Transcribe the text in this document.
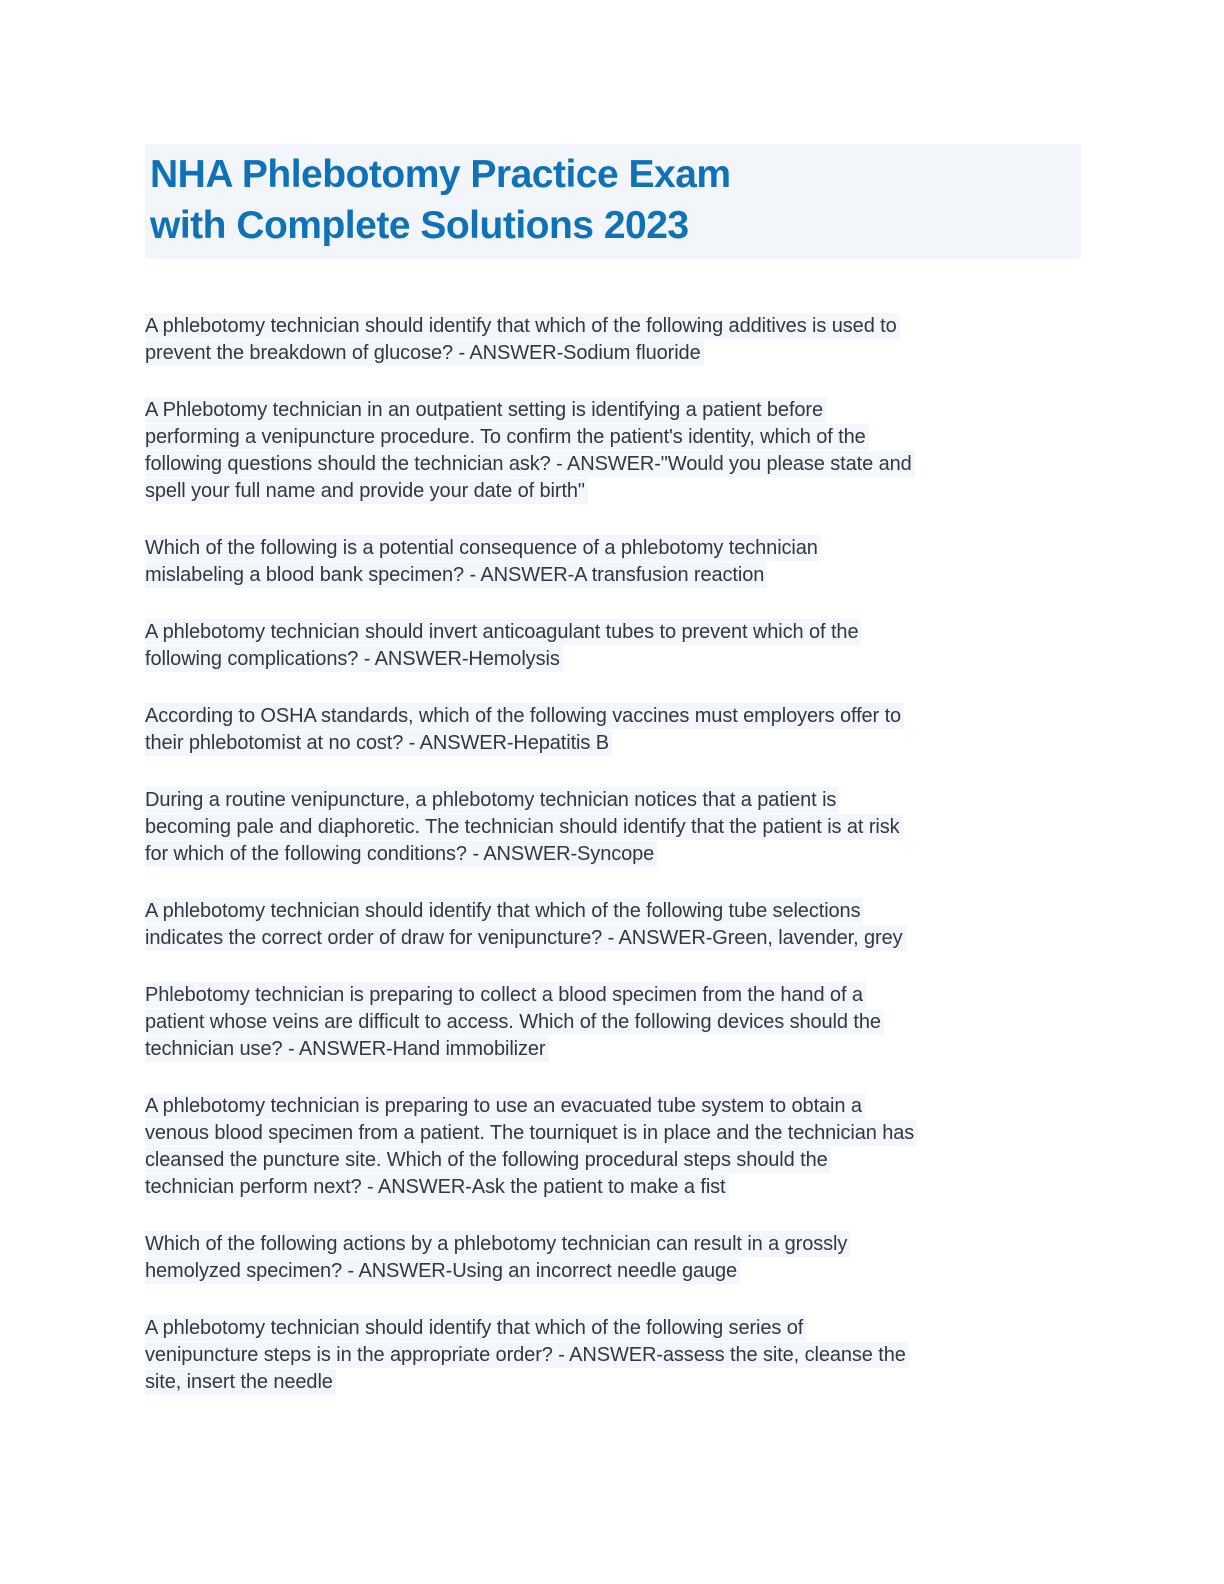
NHA Phlebotomy Practice Exam
with Complete Solutions 2023

A phlebotomy technician should identify that which of the following additives is used to
prevent the breakdown of glucose? - ANSWER-Sodium fluoride

A Phlebotomy technician in an outpatient setting is identifying a patient before
performing a venipuncture procedure. To confirm the patient's identity, which of the
following questions should the technician ask? - ANSWER-"Would you please state and
spell your full name and provide your date of birth"

Which of the following is a potential consequence of a phlebotomy technician
mislabeling a blood bank specimen? - ANSWER-A transfusion reaction

A phlebotomy technician should invert anticoagulant tubes to prevent which of the
following complications? - ANSWER-Hemolysis

According to OSHA standards, which of the following vaccines must employers offer to
their phlebotomist at no cost? - ANSWER-Hepatitis B

During a routine venipuncture, a phlebotomy technician notices that a patient is
becoming pale and diaphoretic. The technician should identify that the patient is at risk
for which of the following conditions? - ANSWER-Syncope

A phlebotomy technician should identify that which of the following tube selections
indicates the correct order of draw for venipuncture? - ANSWER-Green, lavender, grey

Phlebotomy technician is preparing to collect a blood specimen from the hand of a
patient whose veins are difficult to access. Which of the following devices should the
technician use? - ANSWER-Hand immobilizer

A phlebotomy technician is preparing to use an evacuated tube system to obtain a
venous blood specimen from a patient. The tourniquet is in place and the technician has
cleansed the puncture site. Which of the following procedural steps should the
technician perform next? - ANSWER-Ask the patient to make a fist

Which of the following actions by a phlebotomy technician can result in a grossly
hemolyzed specimen? - ANSWER-Using an incorrect needle gauge

A phlebotomy technician should identify that which of the following series of
venipuncture steps is in the appropriate order? - ANSWER-assess the site, cleanse the
site, insert the needle
